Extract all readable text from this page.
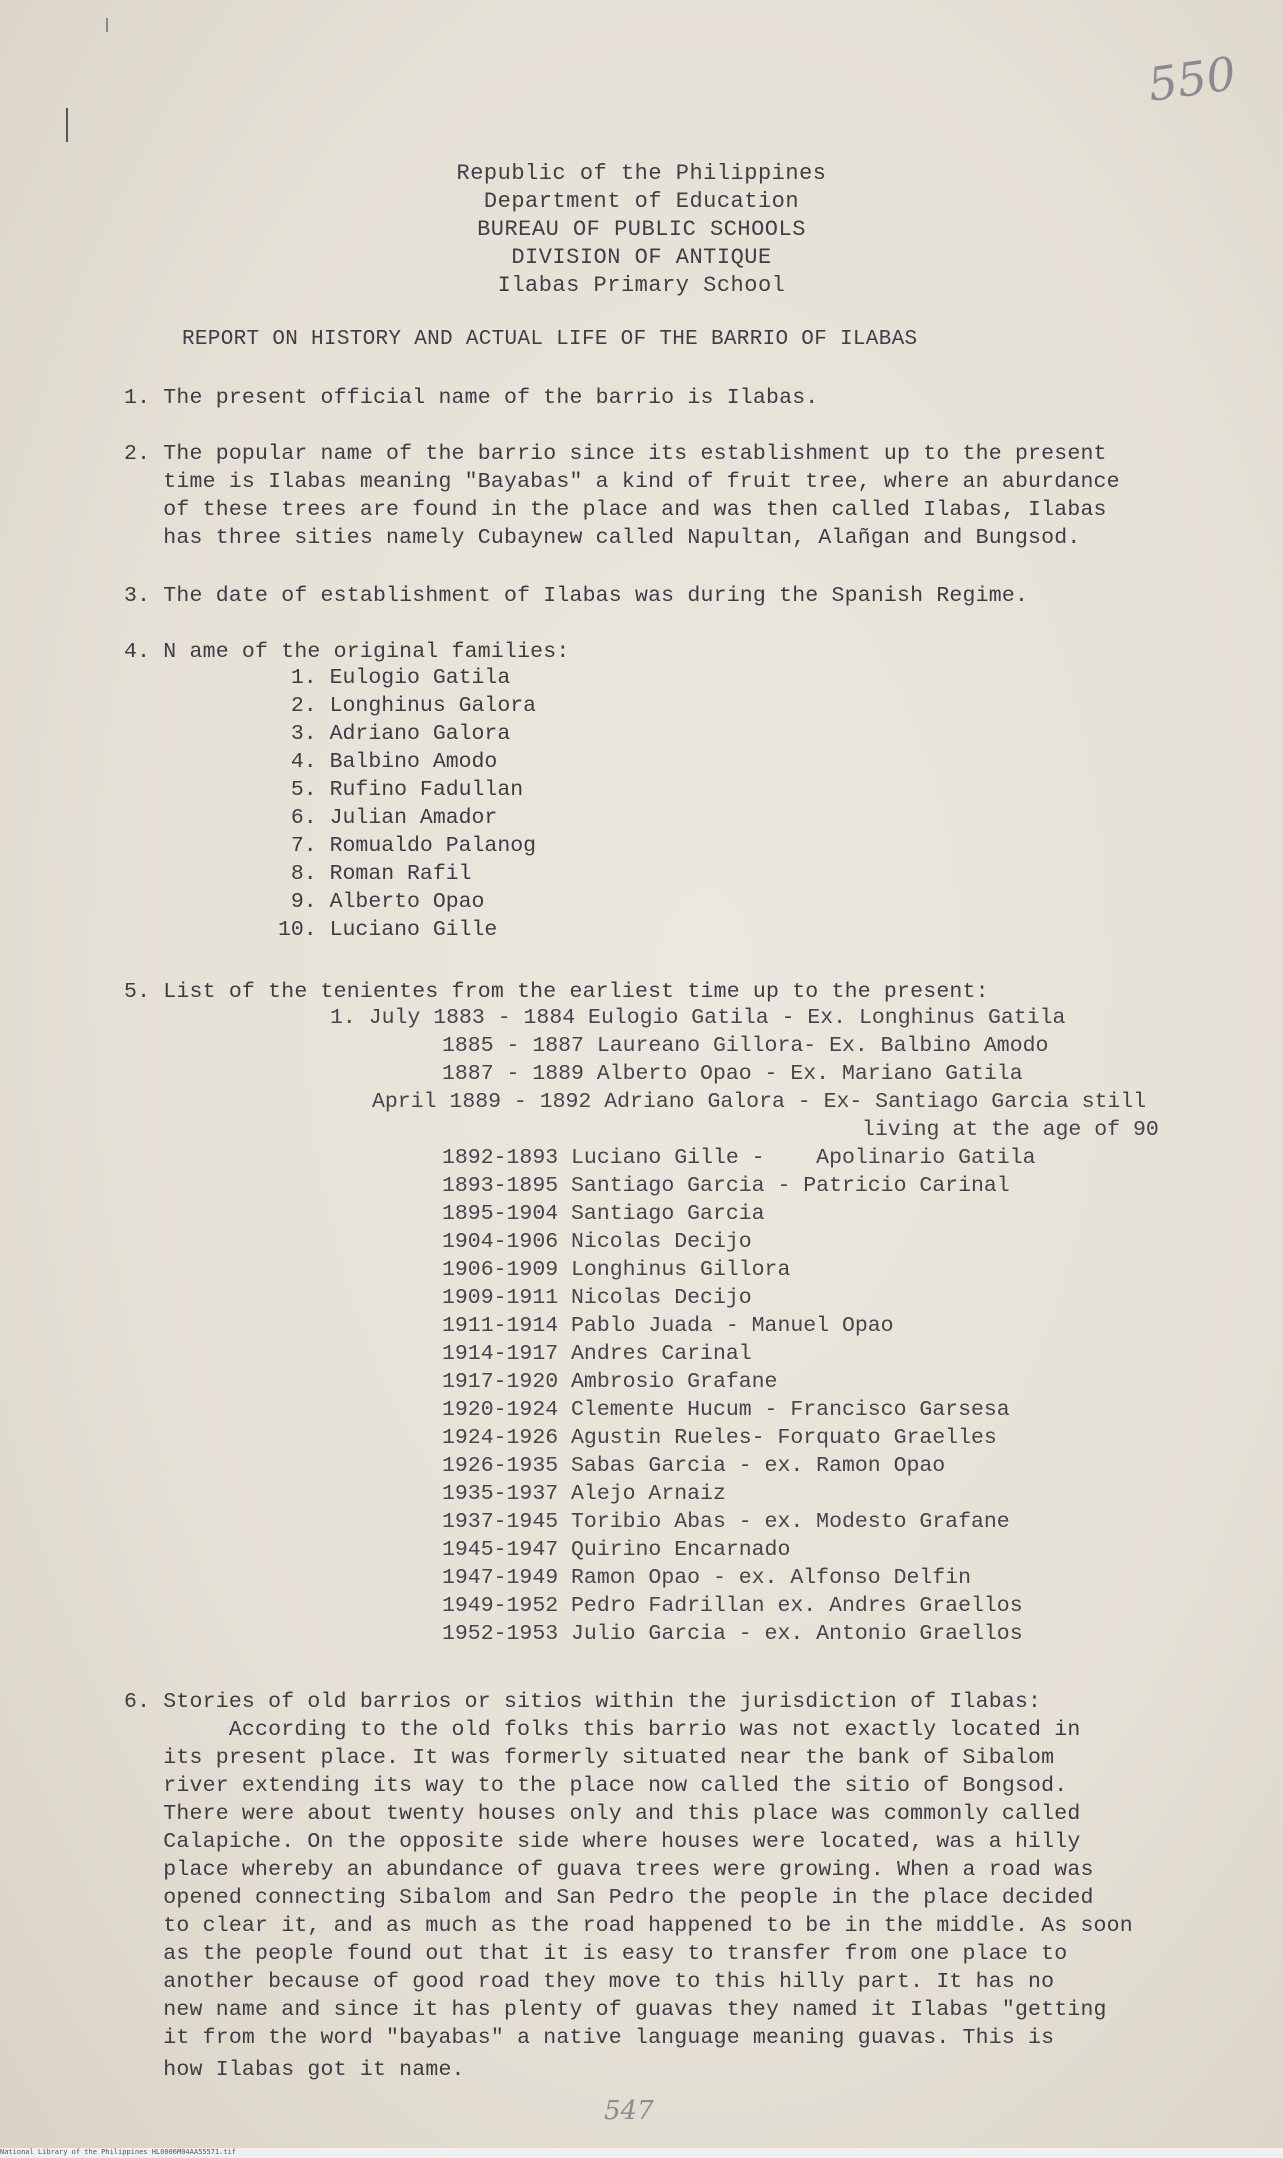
550
Republic of the Philippines
Department of Education
BUREAU OF PUBLIC SCHOOLS
DIVISION OF ANTIQUE
Ilabas Primary School
REPORT ON HISTORY AND ACTUAL LIFE OF THE BARRIO OF ILABAS
1. The present official name of the barrio is Ilabas.
2. The popular name of the barrio since its establishment up to the present
time is Ilabas meaning "Bayabas" a kind of fruit tree, where an aburdance
of these trees are found in the place and was then called Ilabas, Ilabas
has three sities namely Cubaynew called Napultan, Alañgan and Bungsod.
3. The date of establishment of Ilabas was during the Spanish Regime.
4. N ame of the original families:
1. Eulogio Gatila
2. Longhinus Galora
3. Adriano Galora
4. Balbino Amodo
5. Rufino Fadullan
6. Julian Amador
7. Romualdo Palanog
8. Roman Rafil
9. Alberto Opao
10. Luciano Gille
5. List of the tenientes from the earliest time up to the present:
1. July 1883 - 1884 Eulogio Gatila - Ex. Longhinus Gatila
1885 - 1887 Laureano Gillora- Ex. Balbino Amodo
1887 - 1889 Alberto Opao - Ex. Mariano Gatila
April 1889 - 1892 Adriano Galora - Ex- Santiago Garcia still
living at the age of 90
1892-1893 Luciano Gille -    Apolinario Gatila
1893-1895 Santiago Garcia - Patricio Carinal
1895-1904 Santiago Garcia
1904-1906 Nicolas Decijo
1906-1909 Longhinus Gillora
1909-1911 Nicolas Decijo
1911-1914 Pablo Juada - Manuel Opao
1914-1917 Andres Carinal
1917-1920 Ambrosio Grafane
1920-1924 Clemente Hucum - Francisco Garsesa
1924-1926 Agustin Rueles- Forquato Graelles
1926-1935 Sabas Garcia - ex. Ramon Opao
1935-1937 Alejo Arnaiz
1937-1945 Toribio Abas - ex. Modesto Grafane
1945-1947 Quirino Encarnado
1947-1949 Ramon Opao - ex. Alfonso Delfin
1949-1952 Pedro Fadrillan ex. Andres Graellos
1952-1953 Julio Garcia - ex. Antonio Graellos
6. Stories of old barrios or sitios within the jurisdiction of Ilabas:
According to the old folks this barrio was not exactly located in
its present place. It was formerly situated near the bank of Sibalom
river extending its way to the place now called the sitio of Bongsod.
There were about twenty houses only and this place was commonly called
Calapiche. On the opposite side where houses were located, was a hilly
place whereby an abundance of guava trees were growing. When a road was
opened connecting Sibalom and San Pedro the people in the place decided
to clear it, and as much as the road happened to be in the middle. As soon
as the people found out that it is easy to transfer from one place to
another because of good road they move to this hilly part. It has no
new name and since it has plenty of guavas they named it Ilabas "getting
it from the word "bayabas" a native language meaning guavas. This is
how Ilabas got it name.
547
National Library of the Philippines HL0006M04AA55571.tif
